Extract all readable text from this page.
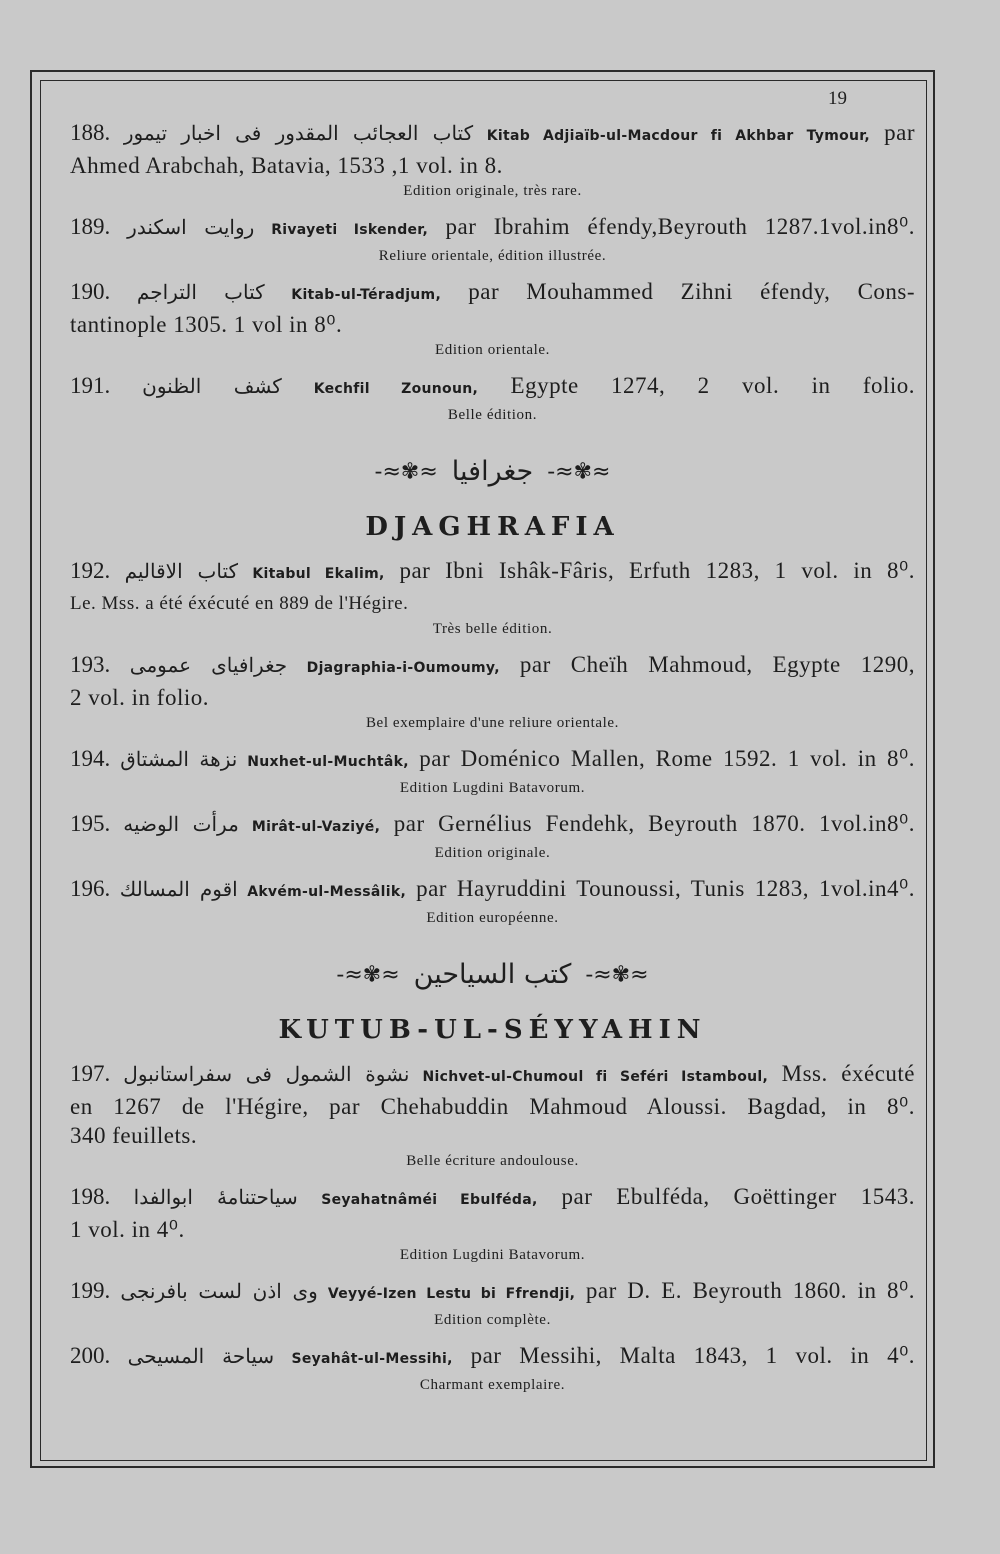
19
188. کتاب العجائب المقدور فی اخبار تیمور Kitab Adjiaïb-ul-Macdour fi Akhbar Tymour, par
Ahmed Arabchah, Batavia, 1533 ,1 vol. in 8.
Edition originale, très rare.
189. روایت اسکندر Rivayeti Iskender, par Ibrahim éfendy,Beyrouth 1287.1vol.in8⁰.
Reliure orientale, édition illustrée.
190. کتاب التراجم Kitab-ul-Téradjum, par Mouhammed Zihni éfendy, Cons-
tantinople 1305. 1 vol in 8⁰.
Edition orientale.
191. کشف الظنون Kechfil Zounoun, Egypte 1274, 2 vol. in folio.
Belle édition.
-≈✾≈ جغرافیا -≈✾≈
DJAGHRAFIA
192. کتاب الاقالیم Kitabul Ekalim, par Ibni Ishâk-Fâris, Erfuth 1283, 1 vol. in 8⁰.
Le. Mss. a été éxécuté en 889 de l'Hégire.
Très belle édition.
193. جغرافیای عمومی Djagraphia-i-Oumoumy, par Cheïh Mahmoud, Egypte 1290,
2 vol. in folio.
Bel exemplaire d'une reliure orientale.
194. نزهة المشتاق Nuxhet-ul-Muchtâk, par Doménico Mallen, Rome 1592. 1 vol. in 8⁰.
Edition Lugdini Batavorum.
195. مرأت الوضیه Mirât-ul-Vaziyé, par Gernélius Fendehk, Beyrouth 1870. 1vol.in8⁰.
Edition originale.
196. اقوم المسالك Akvém-ul-Messâlik, par Hayruddini Tounoussi, Tunis 1283, 1vol.in4⁰.
Edition européenne.
-≈✾≈ کتب السیاحین -≈✾≈
KUTUB-UL-SÉYYAHIN
197. نشوة الشمول فی سفراستانبول Nichvet-ul-Chumoul fi Seféri Istamboul, Mss. éxécuté
en 1267 de l'Hégire, par Chehabuddin Mahmoud Aloussi. Bagdad, in 8⁰.
340 feuillets.
Belle écriture andoulouse.
198. سیاحتنامهٔ ابوالفدا Seyahatnâméi Ebulféda, par Ebulféda, Goëttinger 1543.
1 vol. in 4⁰.
Edition Lugdini Batavorum.
199. وی اذن لست بافرنجی Veyyé-Izen Lestu bi Ffrendji, par D. E. Beyrouth 1860. in 8⁰.
Edition complète.
200. سیاحة المسیحی Seyahât-ul-Messihi, par Messihi, Malta 1843, 1 vol. in 4⁰.
Charmant exemplaire.
